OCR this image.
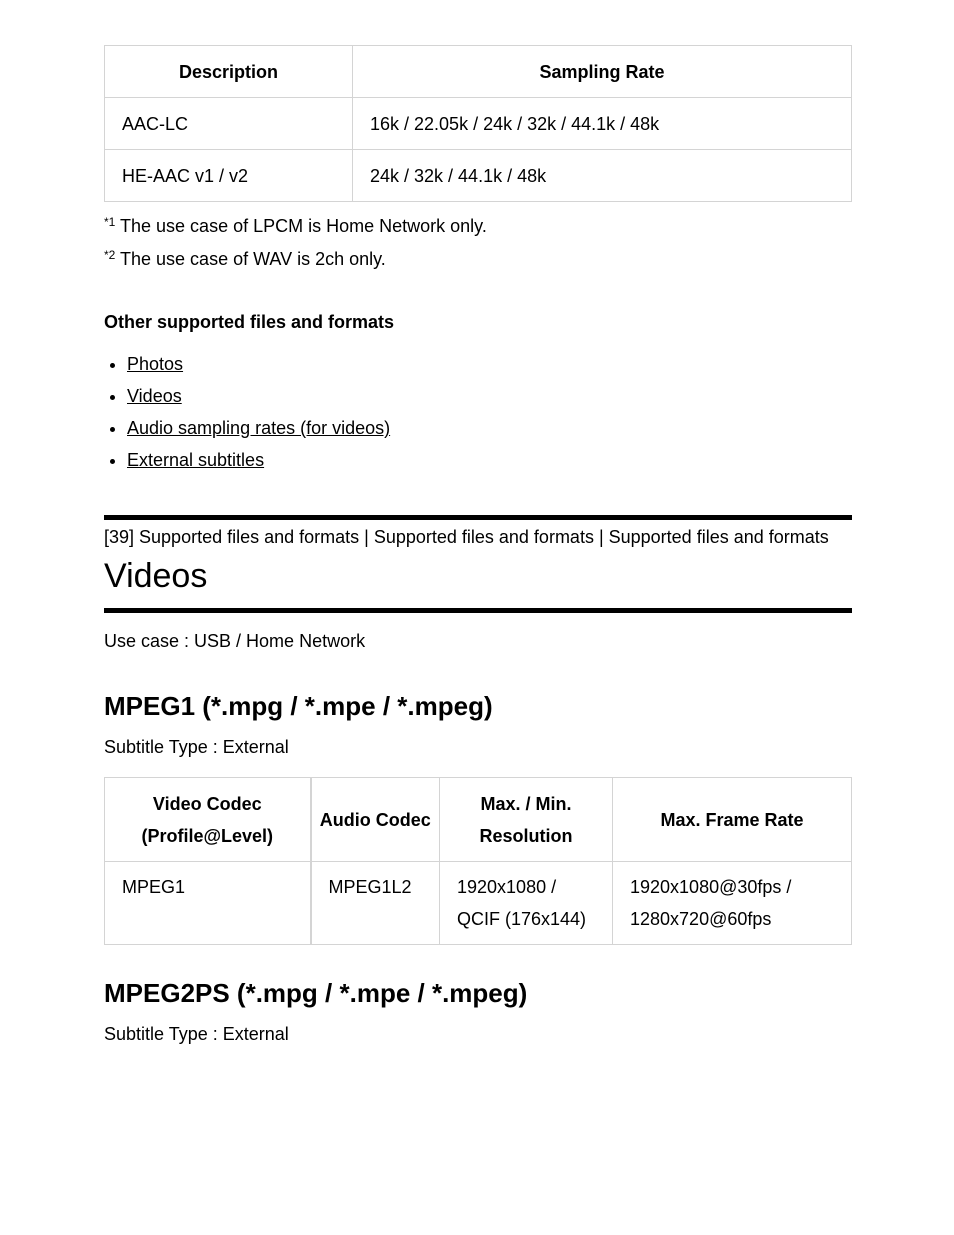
Description	Sampling Rate
AAC-LC	16k / 22.05k / 24k / 32k / 44.1k / 48k
HE-AAC v1 / v2	24k / 32k / 44.1k / 48k

$^{*1}$ The use case of LPCM is Home Network only.

$^{*2}$ The use case of WAV is 2ch only.

Other supported files and formats

• Photos
• Videos
• Audio sampling rates (for videos)
• External subtitles

[39] Supported files and formats | Supported files and formats | Supported files and formats

Videos

Use case : USB / Home Network

MPEG1 (*.mpg / *.mpe / *.mpeg)

Subtitle Type : External

Video Codec (Profile@Level)	Audio Codec	Max. / Min. Resolution	Max. Frame Rate
MPEG1	MPEG1L2	1920x1080 / QCIF (176x144)	1920x1080@30fps / 1280x720@60fps
MPEG2PS (*.mpg / *.mpe / *.mpeg)

Subtitle Type : External
